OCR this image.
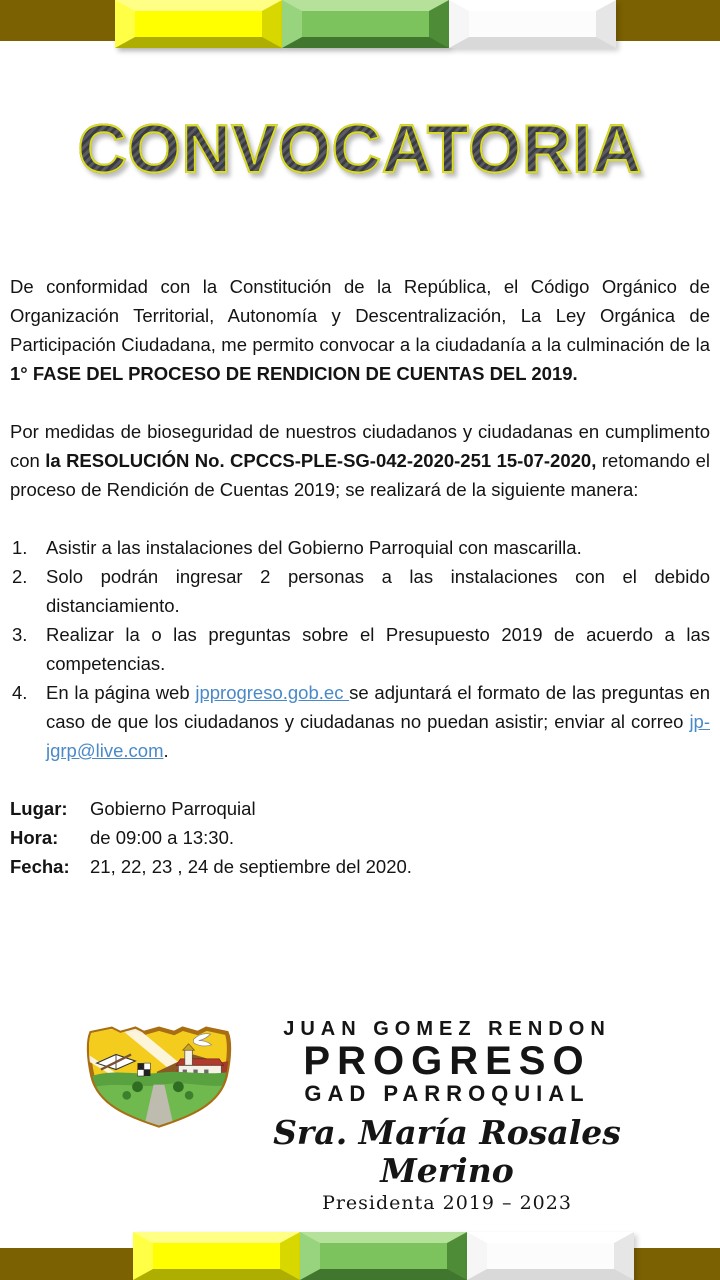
CONVOCATORIA

De conformidad con la Constitución de la República, el Código Orgánico de Organización Territorial, Autonomía y Descentralización, La Ley Orgánica de Participación Ciudadana, me permito convocar a la ciudadanía a la culminación de la 1° FASE DEL PROCESO DE RENDICION DE CUENTAS DEL 2019.

Por medidas de bioseguridad de nuestros ciudadanos y ciudadanas en cumplimento con la RESOLUCIÓN No. CPCCS-PLE-SG-042-2020-251 15-07-2020, retomando el proceso de Rendición de Cuentas 2019; se realizará de la siguiente manera:

1. Asistir a las instalaciones del Gobierno Parroquial con mascarilla.
2. Solo podrán ingresar 2 personas a las instalaciones con el debido distanciamiento.
3. Realizar la o las preguntas sobre el Presupuesto 2019 de acuerdo a las competencias.
4. En la página web jpprogreso.gob.ec se adjuntará el formato de las preguntas en caso de que los ciudadanos y ciudadanas no puedan asistir; enviar al correo jp-jgrp@live.com.
Lugar: Gobierno Parroquial
Hora: de 09:00 a 13:30.
Fecha: 21, 22, 23 , 24 de septiembre del 2020.
JUAN GOMEZ RENDON
PROGRESO
GAD PARROQUIAL
Sra. María Rosales Merino
Presidenta 2019 – 2023
